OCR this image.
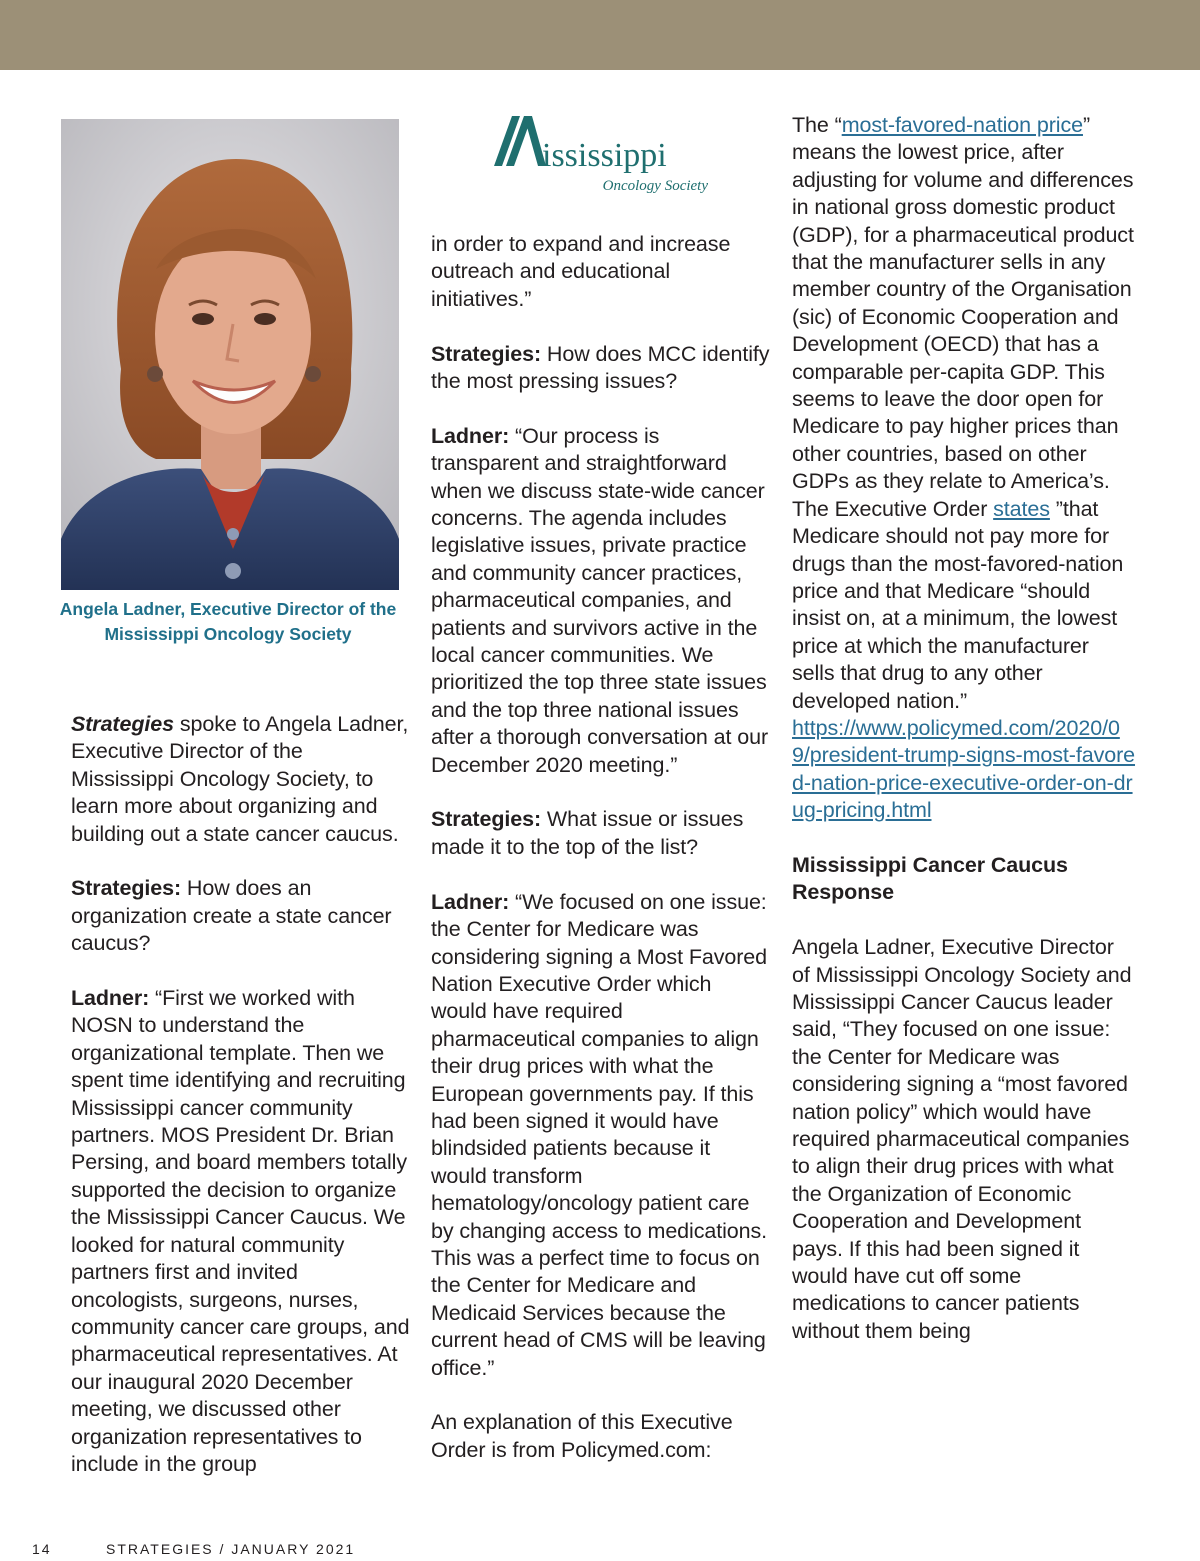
Angela Ladner, Executive Director of the Mississippi Oncology Society
ississippi
Oncology Society

Strategies spoke to Angela Ladner, Executive Director of the Mississippi Oncology Society, to learn more about organizing and building out a state cancer caucus.

Strategies: How does an organization create a state cancer caucus?

Ladner: “First we worked with NOSN to understand the organizational template. Then we spent time identifying and recruiting Mississippi cancer community partners. MOS President Dr. Brian Persing, and board members totally supported the decision to organize the Mississippi Cancer Caucus. We looked for natural community partners first and invited oncologists, surgeons, nurses, community cancer care groups, and pharmaceutical representatives. At our inaugural 2020 December meeting, we discussed other organization representatives to include in the group

in order to expand and increase outreach and educational initiatives.”

Strategies: How does MCC identify the most pressing issues?

Ladner: “Our process is transparent and straightforward when we discuss state-wide cancer concerns. The agenda includes legislative issues, private practice and community cancer practices, pharmaceutical companies, and patients and survivors active in the local cancer communities. We prioritized the top three state issues and the top three national issues after a thorough conversation at our December 2020 meeting.”

Strategies: What issue or issues made it to the top of the list?

Ladner: “We focused on one issue: the Center for Medicare was considering signing a Most Favored Nation Executive Order which would have required pharmaceutical companies to align their drug prices with what the European governments pay. If this had been signed it would have blindsided patients because it would transform hematology/oncology patient care by changing access to medications. This was a perfect time to focus on the Center for Medicare and Medicaid Services because the current head of CMS will be leaving office.”

An explanation of this Executive Order is from Policymed.com:

The “most-favored-nation price” means the lowest price, after adjusting for volume and differences in national gross domestic product (GDP), for a pharmaceutical product that the manufacturer sells in any member country of the Organisation (sic) of Economic Cooperation and Development (OECD) that has a comparable per-capita GDP. This seems to leave the door open for Medicare to pay higher prices than other countries, based on other GDPs as they relate to America’s. The Executive Order states ”that Medicare should not pay more for drugs than the most-favored-nation price and that Medicare “should insist on, at a minimum, the lowest price at which the manufacturer sells that drug to any other developed nation.”
https://www.policymed.com/2020/09/president-trump-signs-most-favored-nation-price-executive-order-on-drug-pricing.html

Mississippi Cancer Caucus Response

Angela Ladner, Executive Director of Mississippi Oncology Society and Mississippi Cancer Caucus leader said, “They focused on one issue: the Center for Medicare was considering signing a “most favored nation policy” which would have required pharmaceutical companies to align their drug prices with what the Organization of Economic Cooperation and Development pays. If this had been signed it would have cut off some medications to cancer patients without them being

14	STRATEGIES / JANUARY 2021
